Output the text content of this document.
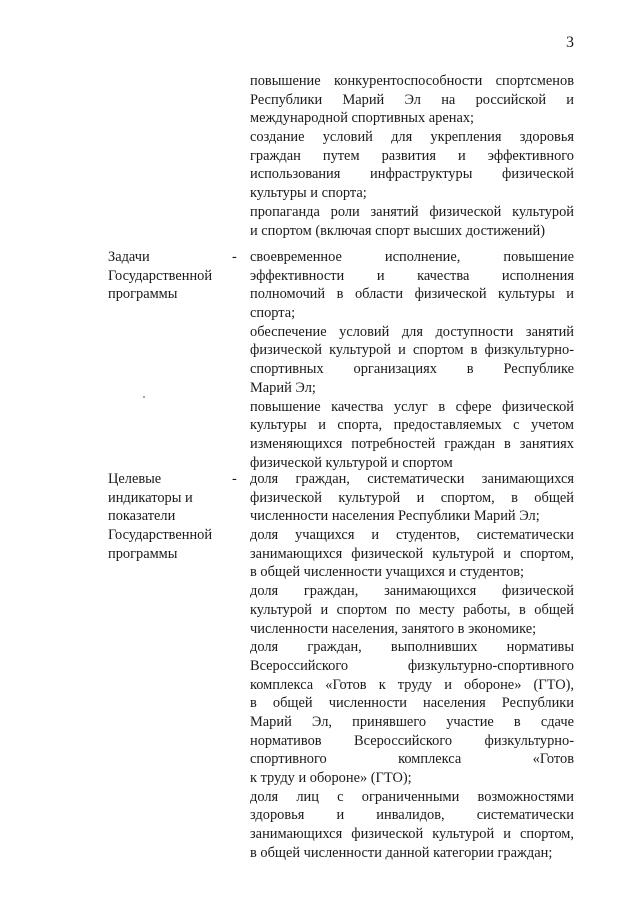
3
повышение конкурентоспособности спортсменов
Республики Марий Эл на российской и
международной спортивных аренах;
создание условий для укрепления здоровья
граждан путем развития и эффективного
использования инфраструктуры физической
культуры и спорта;
пропаганда роли занятий физической культурой
и спортом (включая спорт высших достижений)
Задачи
Государственной
программы
- своевременное исполнение, повышение
эффективности и качества исполнения
полномочий в области физической культуры и
спорта;
обеспечение условий для доступности занятий
физической культурой и спортом в физкультурно-
спортивных организациях в Республике
Марий Эл;
повышение качества услуг в сфере физической
культуры и спорта, предоставляемых с учетом
изменяющихся потребностей граждан в занятиях
физической культурой и спортом
Целевые
индикаторы и
показатели
Государственной
программы
- доля граждан, систематически занимающихся
физической культурой и спортом, в общей
численности населения Республики Марий Эл;
доля учащихся и студентов, систематически
занимающихся физической культурой и спортом,
в общей численности учащихся и студентов;
доля граждан, занимающихся физической
культурой и спортом по месту работы, в общей
численности населения, занятого в экономике;
доля граждан, выполнивших нормативы
Всероссийского физкультурно-спортивного
комплекса «Готов к труду и обороне» (ГТО),
в общей численности населения Республики
Марий Эл, принявшего участие в сдаче
нормативов Всероссийского физкультурно-
спортивного комплекса «Готов
к труду и обороне» (ГТО);
доля лиц с ограниченными возможностями
здоровья и инвалидов, систематически
занимающихся физической культурой и спортом,
в общей численности данной категории граждан;
